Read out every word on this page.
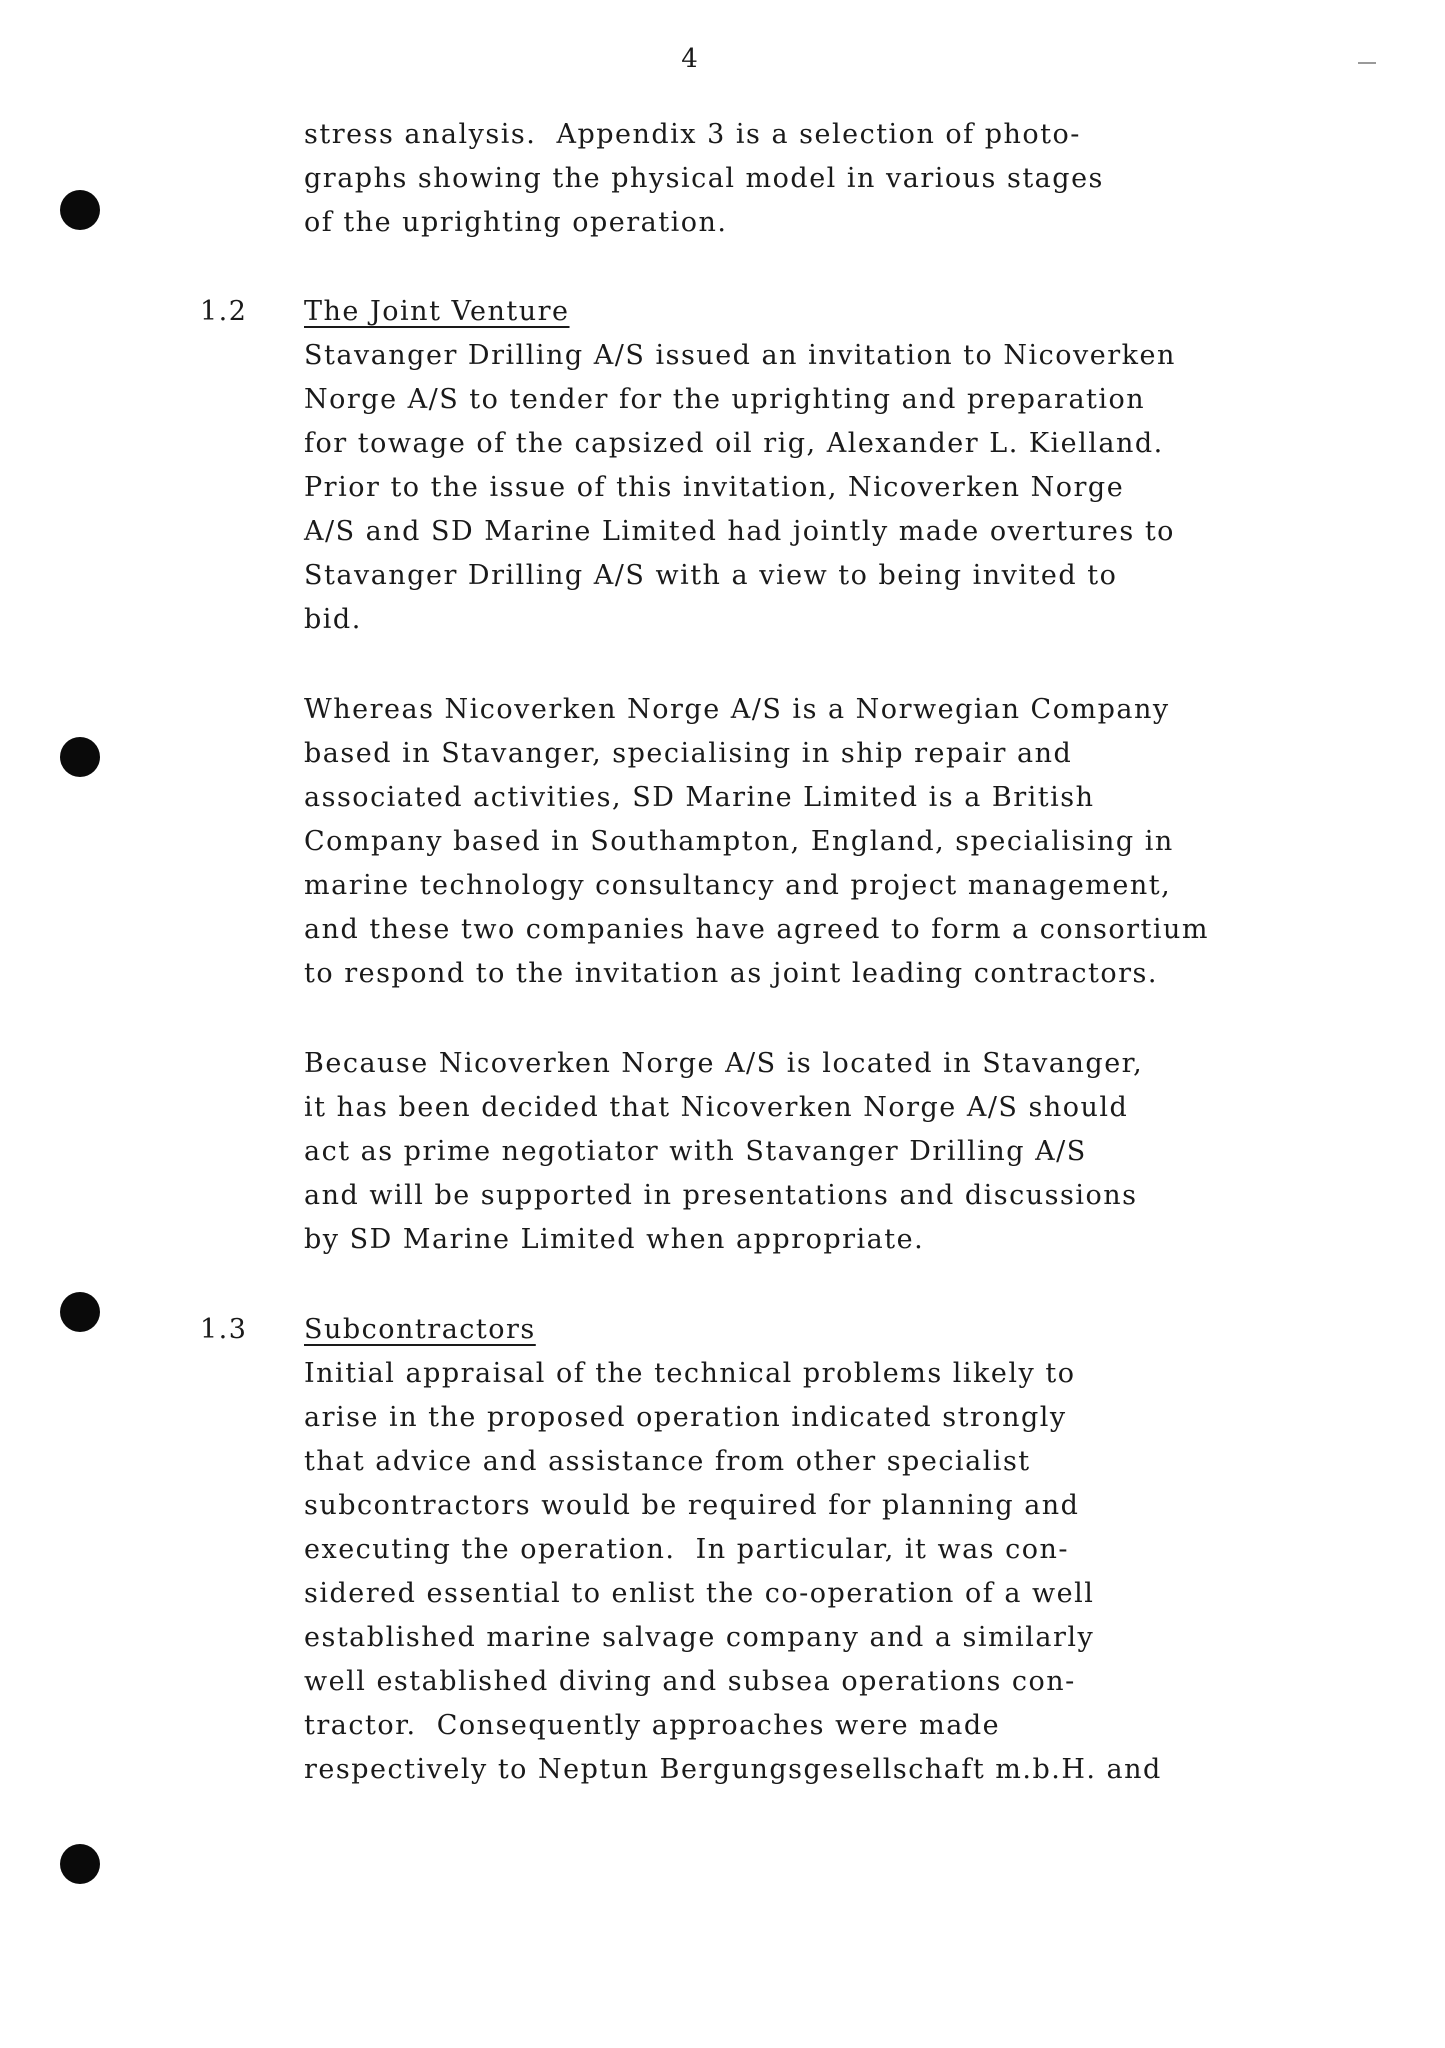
4
stress analysis.  Appendix 3 is a selection of photo-
graphs showing the physical model in various stages
of the uprighting operation.
1.2 The Joint Venture
Stavanger Drilling A/S issued an invitation to Nicoverken
Norge A/S to tender for the uprighting and preparation
for towage of the capsized oil rig, Alexander L. Kielland.
Prior to the issue of this invitation, Nicoverken Norge
A/S and SD Marine Limited had jointly made overtures to
Stavanger Drilling A/S with a view to being invited to
bid.
Whereas Nicoverken Norge A/S is a Norwegian Company
based in Stavanger, specialising in ship repair and
associated activities, SD Marine Limited is a British
Company based in Southampton, England, specialising in
marine technology consultancy and project management,
and these two companies have agreed to form a consortium
to respond to the invitation as joint leading contractors.
Because Nicoverken Norge A/S is located in Stavanger,
it has been decided that Nicoverken Norge A/S should
act as prime negotiator with Stavanger Drilling A/S
and will be supported in presentations and discussions
by SD Marine Limited when appropriate.
1.3 Subcontractors
Initial appraisal of the technical problems likely to
arise in the proposed operation indicated strongly
that advice and assistance from other specialist
subcontractors would be required for planning and
executing the operation.  In particular, it was con-
sidered essential to enlist the co-operation of a well
established marine salvage company and a similarly
well established diving and subsea operations con-
tractor.  Consequently approaches were made
respectively to Neptun Bergungsgesellschaft m.b.H. and
